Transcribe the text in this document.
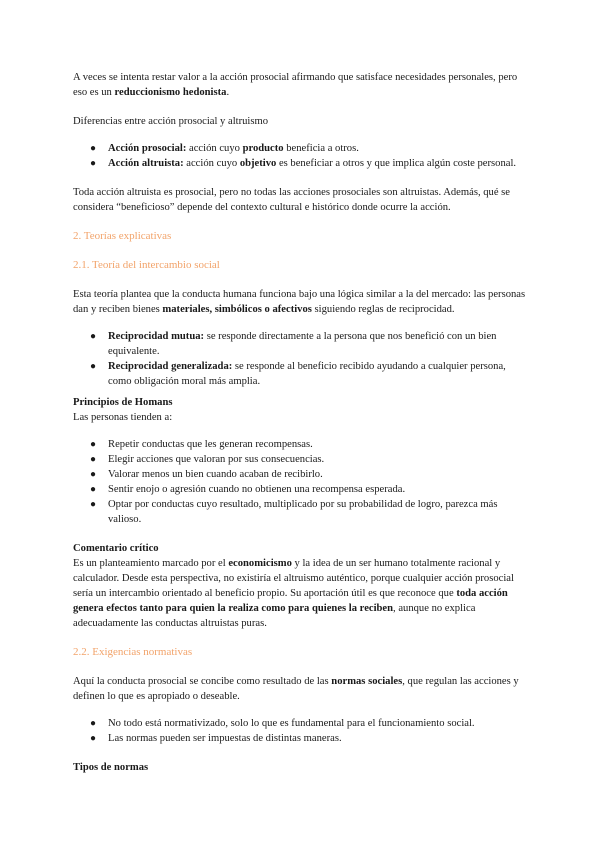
A veces se intenta restar valor a la acción prosocial afirmando que satisface necesidades personales, pero eso es un reduccionismo hedonista.

Diferencias entre acción prosocial y altruismo

● Acción prosocial: acción cuyo producto beneficia a otros.
● Acción altruista: acción cuyo objetivo es beneficiar a otros y que implica algún coste personal.

Toda acción altruista es prosocial, pero no todas las acciones prosociales son altruistas. Además, qué se considera “beneficioso” depende del contexto cultural e histórico donde ocurre la acción.

2. Teorías explicativas

2.1. Teoría del intercambio social

Esta teoría plantea que la conducta humana funciona bajo una lógica similar a la del mercado: las personas dan y reciben bienes materiales, simbólicos o afectivos siguiendo reglas de reciprocidad.

● Reciprocidad mutua: se responde directamente a la persona que nos benefició con un bien equivalente.
● Reciprocidad generalizada: se responde al beneficio recibido ayudando a cualquier persona, como obligación moral más amplia.

Principios de Homans

Las personas tienden a:

● Repetir conductas que les generan recompensas.
● Elegir acciones que valoran por sus consecuencias.
● Valorar menos un bien cuando acaban de recibirlo.
● Sentir enojo o agresión cuando no obtienen una recompensa esperada.
● Optar por conductas cuyo resultado, multiplicado por su probabilidad de logro, parezca más valioso.

Comentario crítico

Es un planteamiento marcado por el economicismo y la idea de un ser humano totalmente racional y calculador. Desde esta perspectiva, no existiría el altruismo auténtico, porque cualquier acción prosocial sería un intercambio orientado al beneficio propio. Su aportación útil es que reconoce que toda acción genera efectos tanto para quien la realiza como para quienes la reciben, aunque no explica adecuadamente las conductas altruistas puras.

2.2. Exigencias normativas

Aquí la conducta prosocial se concibe como resultado de las normas sociales, que regulan las acciones y definen lo que es apropiado o deseable.

● No todo está normativizado, solo lo que es fundamental para el funcionamiento social.
● Las normas pueden ser impuestas de distintas maneras.

Tipos de normas
